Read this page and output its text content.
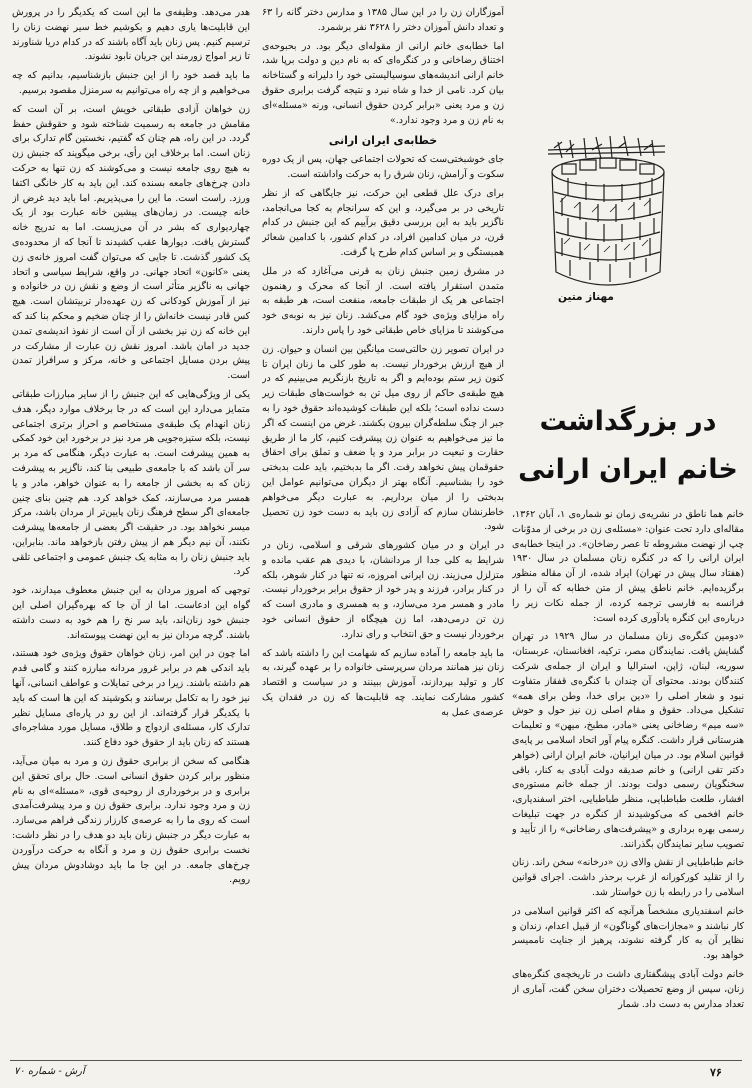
هدر می‌دهد. وظیفه‌ی ما این است که یکدیگر را در پرورش این قابلیت‌ها یاری دهیم و بکوشیم خط سیر نهضت زنان را ترسیم کنیم. پس زنان باید آگاه باشند که در کدام دریا شناورند تا زیر امواج زورمند این جریان نابود نشوند.

ما باید قصد خود را از این جنبش بازشناسیم، بدانیم که چه می‌خواهیم و از چه راه می‌توانیم به سرمنزل مقصود برسیم.

زن خواهان آزادی طبقاتی خویش است، بر آن است که مقامش در جامعه به رسمیت شناخته شود و حقوقش حفظ گردد. در این راه، هم چنان که گفتیم، نخستین گام تدارک برای زنان است. اما برخلاف این رأی، برخی میگویند که جنبش زن به هیچ روی جامعه نیست و می‌کوشند که زن تنها به حرکت دادن چرخ‌های جامعه بسنده کند. این باید به کار خانگی اکتفا ورزد. راست است. ما این را می‌پذیریم. اما باید دید غرض از خانه چیست. در زمان‌های پیشین خانه عبارت بود از یک چهاردیواری که بشر در آن می‌زیست. اما به تدریج خانه گسترش یافت. دیوارها عقب کشیدند تا آنجا که از محدوده‌ی یک کشور گذشت. تا جایی که می‌توان گفت امروز خانه‌ی زن یعنی «کانون» اتحاد جهانی. در واقع، شرایط سیاسی و اتحاد جهانی به ناگزیر متأثر است از وضع و نقش زن در خانواده و نیز از آموزش کودکانی که زن عهده‌دار تربیتشان است. هیچ کس قادر نیست خانه‌اش را از چنان ضخیم و محکم بنا کند که این خانه که زن نیز بخشی از آن است از نفوذ اندیشه‌ی تمدن جدید در امان باشد. امروز نقش زن عبارت از مشارکت در پیش بردن مسایل اجتماعی و خانه، مرکز و سرافراز تمدن است.

یکی از ویژگی‌هایی که این جنبش را از سایر مبارزات طبقاتی متمایز می‌دارد این است که در جا برخلاف موارد دیگر، هدف زنان انهدام یک طبقه‌ی مستخاصم و احراز برتری اجتماعی نیست، بلکه ستیزه‌جویی هر مرد نیز در برخورد این خود کمکی به همین پیشرفت است. به عبارت دیگر، هنگامی که مرد بر سر آن باشد که با جامعه‌ی طبیعی بنا کند، ناگزیر به پیشرفت زنان که به بخشی از جامعه را به عنوان خواهر، مادر و یا همسر مرد می‌سازند، کمک خواهد کرد. هم چنین بنای چنین جامعه‌ای اگر سطح فرهنگ زنان پایین‌تر از مردان باشد، مرکز میسر نخواهد بود. در حقیقت اگر بعضی از جامعه‌ها پیشرفت نکنند، آن نیم دیگر هم از پیش رفتن بازخواهد ماند. بنابراین، باید جنبش زنان را به مثابه یک جنبش عمومی و اجتماعی تلقی کرد.

توجهی که امروز مردان به این جنبش معطوف میدارند، خود گواه این ادعاست. اما از آن جا که بهره‌گیران اصلی این جنبش خود زنان‌اند، باید سر نخ را هم خود به دست داشته باشند. گرچه مردان نیز به این نهضت پیوسته‌اند.

اما چون در این امر، زنان خواهان حقوق ویژه‌ی خود هستند، باید اندکی هم در برابر غرور مردانه مبارزه کنند و گامی قدم هم داشته باشند. زیرا در برخی تمایلات و عواطف انسانی، آنها نیز خود را به تکامل برسانند و بکوشیند که این ها است که باید با یکدیگر قرار گرفته‌اند. از این رو در پاره‌ای مسایل نظیر تدارک کار، مسئله‌ی ازدواج و طلاق، مسایل مورد مشاجره‌ای هستند که زنان باید از حقوق خود دفاع کنند.

هنگامی که سخن از برابری حقوق زن و مرد به میان می‌آید، منظور برابر کردن حقوق انسانی است. حال برای تحقق این برابری و در برخورداری از روحیه‌ی قوی، «مسئله»ای به نام زن و مرد وجود ندارد. برابری حقوق زن و مرد پیشرفت‌آمدی است که روی ما را به عرصه‌ی کارزار زندگی فراهم می‌سازد. به عبارت دیگر در جنبش زنان باید دو هدف را در نظر داشت: نخست برابری حقوق زن و مرد و آنگاه به حرکت درآوردن چرخ‌های جامعه. در این جا ما باید دوشادوش مردان پیش رویم.

آموزگاران زن را در این سال ۱۳۸۵ و مدارس دختر گانه را ۶۳ و تعداد دانش آموزان دختر را ۳۶۲۸ نفر برشمرد.

اما خطابه‌ی خانم ارانی از مقوله‌ای دیگر بود. در بحبوحه‌ی اختناق رضاخانی و در کنگره‌ای که به نام دین و دولت برپا شد، خانم ارانی اندیشه‌های سوسیالیستی خود را دلیرانه و گستاخانه بیان کرد. نامی از خدا و شاه نبرد و نتیجه گرفت برابری حقوق زن و مرد یعنی «برابر کردن حقوق انسانی، ورنه «مسئله»ای به نام زن و مرد وجود ندارد.»

خطابه‌ی ایران ارانی

جای خوشبختی‌ست که تحولات اجتماعی جهان، پس از یک دوره سکوت و آرامش، زنان شرق را به حرکت واداشته است.

برای درک علل قطعی این حرکت، نیز جایگاهی که از نظر تاریخی در بر می‌گیرد، و این که سرانجام به کجا می‌انجامد، ناگزیر باید به این بررسی دقیق برآییم که این جنبش در کدام قرن، در میان کدامین افراد، در کدام کشور، با کدامین شعائر همبستگی و بر اساس کدام طرح پا گرفت.

در مشرق زمین جنبش زنان به قرنی می‌آغازد که در ملل متمدن استقرار یافته است. از آنجا که محرک و رهنمون اجتماعی هر یک از طبقات جامعه، منفعت است، هر طبقه به راه مزایای ویژه‌ی خود گام می‌کشد. زنان نیز به نوبه‌ی خود می‌کوشند تا مزایای خاص طبقاتی خود را پاس دارند.

در ایران تصویر زن حالتی‌ست میانگین بین انسان و حیوان. زن از هیچ ارزش برخوردار نیست. به طور کلی ما زنان ایران تا کنون زیر ستم بوده‌ایم و اگر به تاریخ بازنگریم می‌بینیم که در هیچ طبقه‌ی حاکم از روی میل تن به خواست‌های طبقات زیر دست نداده است؛ بلکه این طبقات کوشیده‌اند حقوق خود را به جبر از چنگ سلطه‌گران بیرون بکشند. غرض من اینست که اگر ما نیز می‌خواهیم به عنوان زن پیشرفت کنیم، کار ما از طریق حقارت و تبعیت در برابر مرد و یا ضعف و تملق برای احقاق حقوقمان پیش نخواهد رفت. اگر ما بدبختیم، باید علت بدبختی خود را بشناسیم. آنگاه بهتر از دیگران می‌توانیم عوامل این بدبختی را از میان برداریم. به عبارت دیگر می‌خواهم خاطرنشان سازم که آزادی زن باید به دست خود زن تحصیل شود.

در ایران و در میان کشورهای شرقی و اسلامی، زنان در شرایط به کلی جدا از مردانشان، با دیدی هم عقب مانده و متزلزل می‌زیند. زن ایرانی امروزه، نه تنها در کنار شوهر، بلکه در کنار برادر، فرزند و پدر خود از حقوق برابر برخوردار نیست. مادر و همسر مرد می‌سازد، و به همسری و مادری است که زن تن درمی‌دهد، اما زن هیچگاه از حقوق انسانی خود برخوردار نیست و حق انتخاب و رای ندارد.

ما باید جامعه را آماده سازیم که شهامت این را داشته باشد که زنان نیز همانند مردان سرپرستی خانواده را بر عهده گیرند، به کار و تولید بپردازند، آموزش ببینند و در سیاست و اقتصاد کشور مشارکت نمایند. چه قابلیت‌ها که زن در فقدان یک عرصه‌ی عمل به

مهناز متین
در بزرگداشت
خانم ایران ارانی

خانم هما ناطق در نشریه‌ی زمان نو شماره‌ی ۱، آبان ۱۳۶۲، مقاله‌ای دارد تحت عنوان: «مسئله‌ی زن در برخی از مدوّنات چپ از نهضت مشروطه تا عصر رضاخان». در اینجا خطابه‌ی ایران ارانی را که در کنگره زنان مسلمان در سال ۱۹۳۰ (هفتاد سال پیش در تهران) ایراد شده، از آن مقاله منظور برگزیده‌ایم. خانم ناطق پیش از متن خطابه که آن را از فرانسه به فارسی ترجمه کرده، از جمله نکات زیر را درباره‌ی این کنگره یادآوری کرده است:

«دومین کنگره‌ی زنان مسلمان در سال ۱۹۲۹ در تهران گشایش یافت. نمایندگان مصر، ترکیه، افغانستان، عربستان، سوریه، لبنان، ژاپن، استرالیا و ایران از جمله‌ی شرکت کنندگان بودند. محتوای آن چندان با کنگره‌ی قفقاز متفاوت نبود و شعار اصلی را «دین برای خدا، وطن برای همه» تشکیل می‌داد. حقوق و مقام اصلی زن نیز حول و حوش «سه میم» رضاخانی یعنی «مادر، مطبخ، میهن» و تعلیمات هنرستانی قرار داشت. کنگره پیام آور اتحاد اسلامی بر پایه‌ی قوانین اسلام بود. در میان ایرانیان، خانم ایران ارانی (خواهر دکتر تقی ارانی) و خانم صدیقه دولت آبادی به کنار، باقی سخنگویان رسمی دولت بودند. از جمله خانم مستوره‌ی افشار، طلعت طباطبایی، منظر طباطبایی، اختر اسفندیاری، خانم افخمی که می‌کوشیدند از کنگره در جهت تبلیغات رسمی بهره برداری و «پیشرفت‌های رضاخانی» را از تأیید و تصویب سایر نمایندگان بگذرانند.

خانم طباطبایی از نقش والای زن «درخانه» سخن راند. زنان را از تقلید کورکورانه از غرب برحذر داشت. اجرای قوانین اسلامی را در رابطه با زن خواستار شد.

خانم اسفندیاری مشخصاً هرآنچه که اکثر قوانین اسلامی در کار نباشند و «مجازات‌های گوناگون» از قبیل اعدام، زندان و نظایر آن به کار گرفته نشوند، پرهیز از جنایت ناممیسر خواهد بود.

خانم دولت آبادی پیشگفتاری داشت در تاریخچه‌ی کنگره‌های زنان، سپس از وضع تحصیلات دختران سخن گفت، آماری از تعداد مدارس به دست داد. شمار

آرش - شماره ۷۰	۷۶
